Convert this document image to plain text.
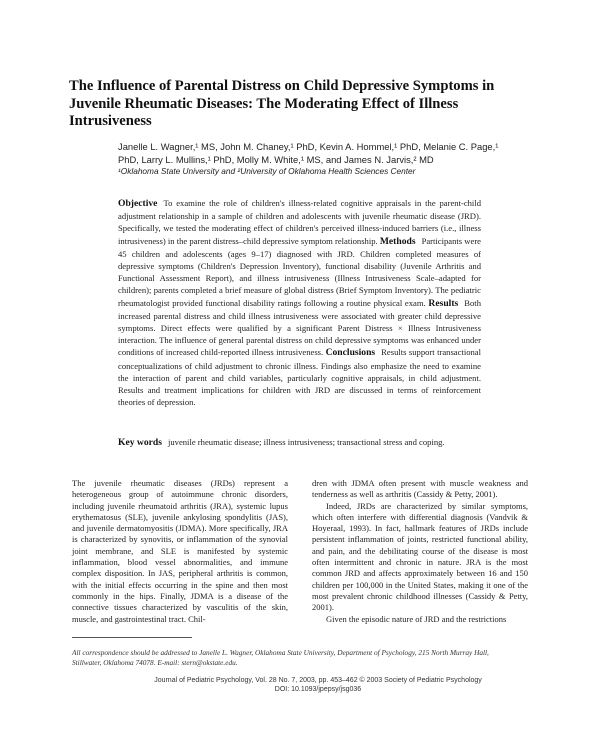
The Influence of Parental Distress on Child Depressive Symptoms in Juvenile Rheumatic Diseases: The Moderating Effect of Illness Intrusiveness
Janelle L. Wagner,¹ MS, John M. Chaney,¹ PhD, Kevin A. Hommel,¹ PhD, Melanie C. Page,¹ PhD, Larry L. Mullins,¹ PhD, Molly M. White,¹ MS, and James N. Jarvis,² MD
¹Oklahoma State University and ²University of Oklahoma Health Sciences Center
Objective To examine the role of children's illness-related cognitive appraisals in the parent-child adjustment relationship in a sample of children and adolescents with juvenile rheumatic disease (JRD). Specifically, we tested the moderating effect of children's perceived illness-induced barriers (i.e., illness intrusiveness) in the parent distress–child depressive symptom relationship. Methods Participants were 45 children and adolescents (ages 9–17) diagnosed with JRD. Children completed measures of depressive symptoms (Children's Depression Inventory), functional disability (Juvenile Arthritis and Functional Assessment Report), and illness intrusiveness (Illness Intrusiveness Scale–adapted for children); parents completed a brief measure of global distress (Brief Symptom Inventory). The pediatric rheumatologist provided functional disability ratings following a routine physical exam. Results Both increased parental distress and child illness intrusiveness were associated with greater child depressive symptoms. Direct effects were qualified by a significant Parent Distress × Illness Intrusiveness interaction. The influence of general parental distress on child depressive symptoms was enhanced under conditions of increased child-reported illness intrusiveness. Conclusions Results support transactional conceptualizations of child adjustment to chronic illness. Findings also emphasize the need to examine the interaction of parent and child variables, particularly cognitive appraisals, in child adjustment. Results and treatment implications for children with JRD are discussed in terms of reinforcement theories of depression.
Key words juvenile rheumatic disease; illness intrusiveness; transactional stress and coping.

The juvenile rheumatic diseases (JRDs) represent a heterogeneous group of autoimmune chronic disorders, including juvenile rheumatoid arthritis (JRA), systemic lupus erythematosus (SLE), juvenile ankylosing spondylitis (JAS), and juvenile dermatomyositis (JDMA). More specifically, JRA is characterized by synovitis, or inflammation of the synovial joint membrane, and SLE is manifested by systemic inflammation, blood vessel abnormalities, and immune complex disposition. In JAS, peripheral arthritis is common, with the initial effects occurring in the spine and then most commonly in the hips. Finally, JDMA is a disease of the connective tissues characterized by vasculitis of the skin, muscle, and gastrointestinal tract. Chil-

dren with JDMA often present with muscle weakness and tenderness as well as arthritis (Cassidy & Petty, 2001).

Indeed, JRDs are characterized by similar symptoms, which often interfere with differential diagnosis (Vandvik & Hoyeraal, 1993). In fact, hallmark features of JRDs include persistent inflammation of joints, restricted functional ability, and pain, and the debilitating course of the disease is most often intermittent and chronic in nature. JRA is the most common JRD and affects approximately between 16 and 150 children per 100,000 in the United States, making it one of the most prevalent chronic childhood illnesses (Cassidy & Petty, 2001).

Given the episodic nature of JRD and the restrictions

All correspondence should be addressed to Janelle L. Wagner, Oklahoma State University, Department of Psychology, 215 North Murray Hall, Stillwater, Oklahoma 74078. E-mail: stern@okstate.edu.
Journal of Pediatric Psychology, Vol. 28 No. 7, 2003, pp. 453–462 © 2003 Society of Pediatric Psychology
DOI: 10.1093/jpepsy/jsg036
